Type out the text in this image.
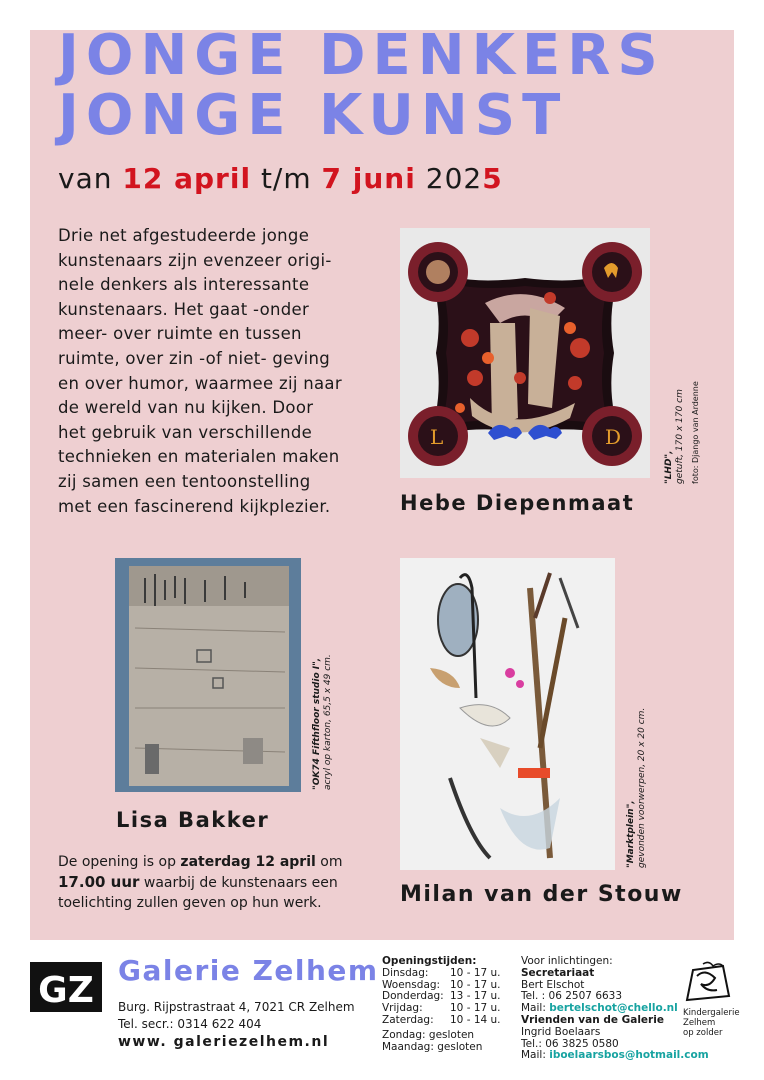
JONGE DENKERS
JONGE KUNST
van 12 april t/m 7 juni 2025
Drie net afgestudeerde jonge
kunstenaars zijn evenzeer origi-
nele denkers als interessante
kunstenaars. Het gaat -onder
meer- over ruimte en tussen
ruimte, over zin -of niet- geving
en over humor, waarmee zij naar
de wereld van nu kijken. Door
het gebruik van verschillende
technieken en materialen maken
zij samen een tentoonstelling
met een fascinerend kijkplezier.
L	D
"LHD", getuft, 170 x 170 cm foto: Django van Ardenne
Hebe Diepenmaat
"OK74 Fifthfloor studio I", acryl op karton, 65,5 x 49 cm.
Lisa Bakker
De opening is op zaterdag 12 april om
17.00 uur waarbij de kunstenaars een
toelichting zullen geven op hun werk.
"Marktplein", gevonden voorwerpen, 20 x 20 cm.
Milan van der Stouw
GZ Galerie Zelhem
Burg. Rijpstrastraat 4, 7021 CR Zelhem
Tel. secr.: 0314 622 404
www. galeriezelhem.nl
Openingstijden:
Dinsdag: 10 - 17 u.
Woensdag: 10 - 17 u.
Donderdag: 13 - 17 u.
Vrijdag:	10 - 17 u.
Zaterdag: 10 - 14 u.
Zondag: gesloten
Maandag: gesloten
Voor inlichtingen:
Secretariaat
Bert Elschot
Tel. : 06 2507 6633
Mail: bertelschot@chello.nl
Vrienden van de Galerie
Ingrid Boelaars
Tel.: 06 3825 0580
Mail: iboelaarsbos@hotmail.com
Kindergalerie
Zelhem
op zolder
